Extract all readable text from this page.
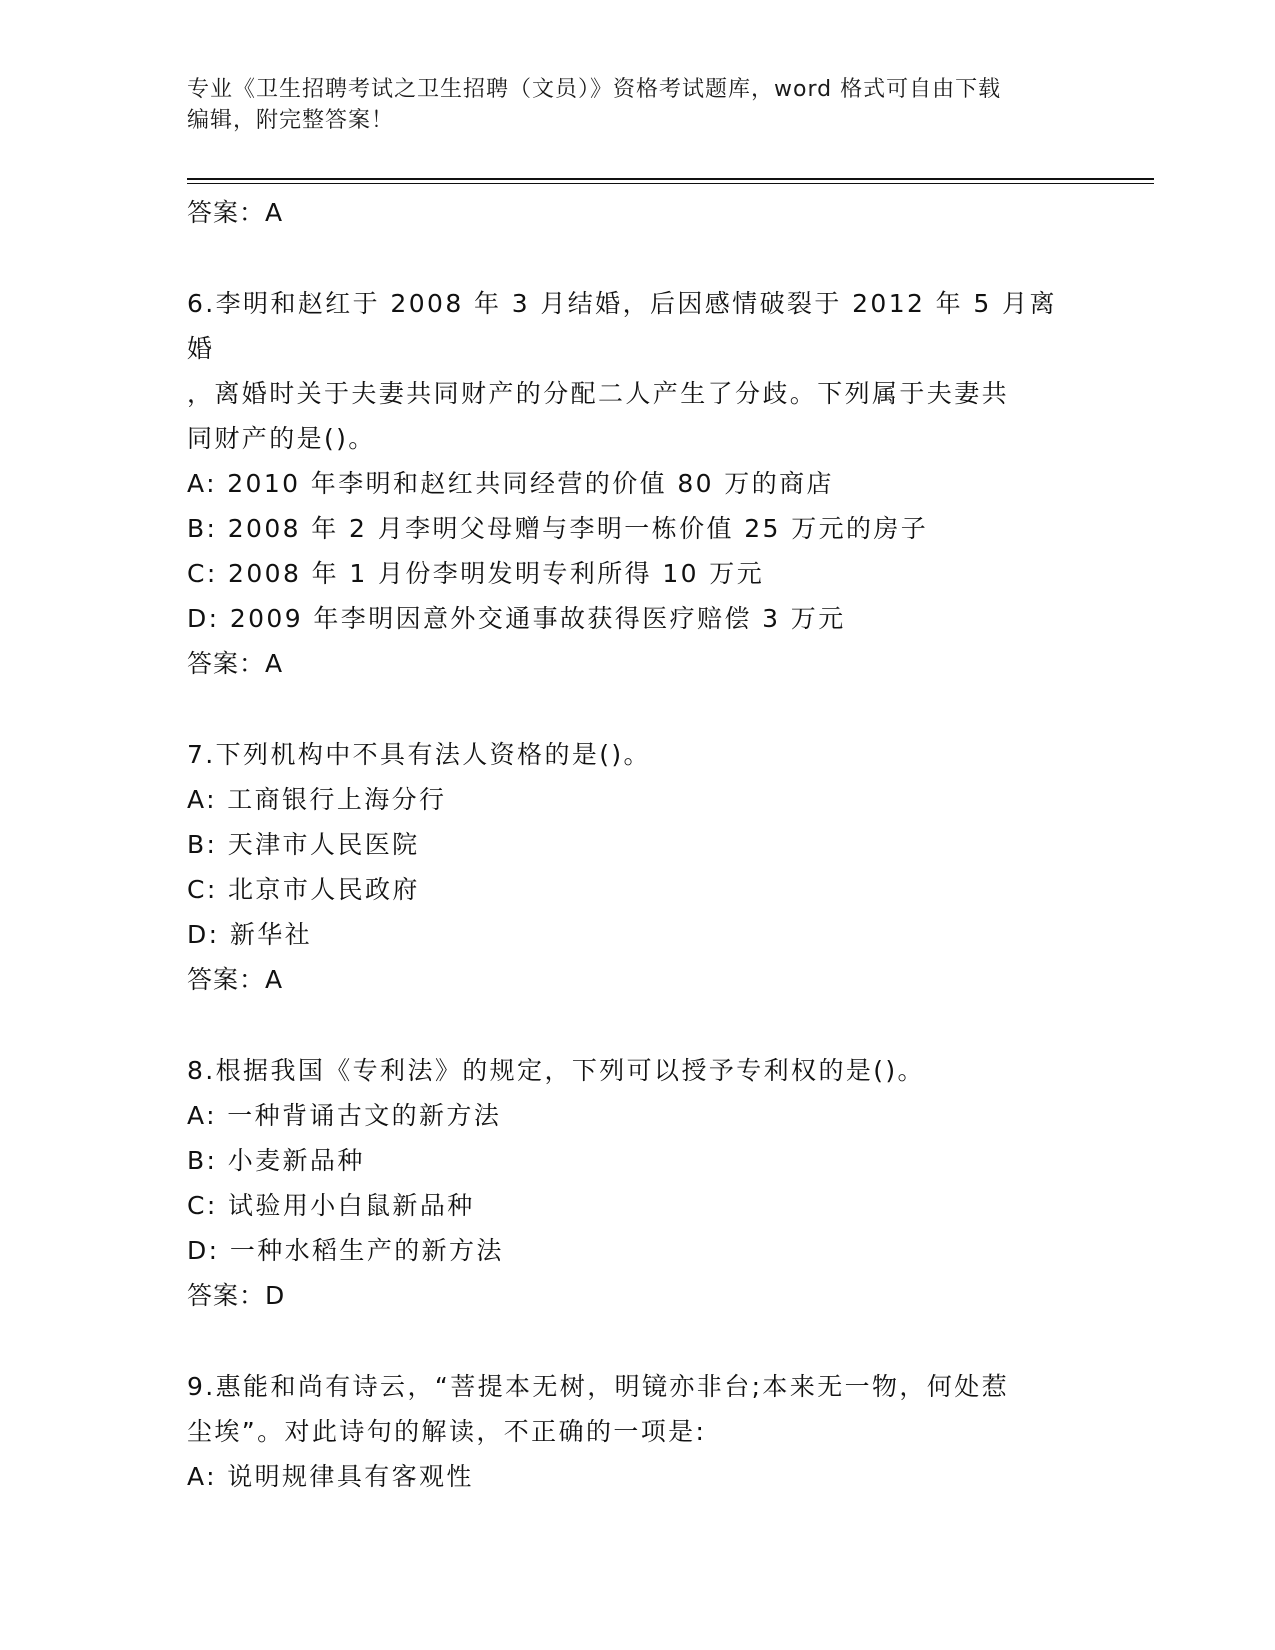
专业《卫生招聘考试之卫生招聘（文员）》资格考试题库，word 格式可自由下载
编辑，附完整答案！
答案：A
6.李明和赵红于 2008 年 3 月结婚，后因感情破裂于 2012 年 5 月离婚
，离婚时关于夫妻共同财产的分配二人产生了分歧。下列属于夫妻共
同财产的是()。
A: 2010 年李明和赵红共同经营的价值 80 万的商店
B: 2008 年 2 月李明父母赠与李明一栋价值 25 万元的房子
C: 2008 年 1 月份李明发明专利所得 10 万元
D: 2009 年李明因意外交通事故获得医疗赔偿 3 万元
答案：A
7.下列机构中不具有法人资格的是()。
A: 工商银行上海分行
B: 天津市人民医院
C: 北京市人民政府
D: 新华社
答案：A
8.根据我国《专利法》的规定，下列可以授予专利权的是()。
A: 一种背诵古文的新方法
B: 小麦新品种
C: 试验用小白鼠新品种
D: 一种水稻生产的新方法
答案：D
9.惠能和尚有诗云，“菩提本无树，明镜亦非台;本来无一物，何处惹
尘埃”。对此诗句的解读，不正确的一项是:
A: 说明规律具有客观性
